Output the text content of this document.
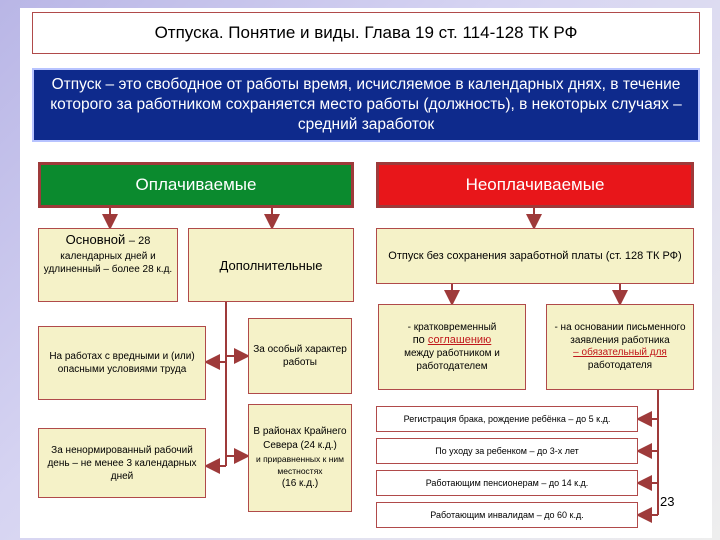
Отпуска. Понятие и виды. Глава 19 ст. 114-128 ТК РФ
Отпуск – это свободное от работы время, исчисляемое в календарных днях, в течение которого за работником сохраняется место работы (должность), в некоторых случаях – средний заработок
Оплачиваемые	Неоплачиваемые
Основной – 28
календарных дней и удлиненный – более 28 к.д.	Дополнительные
Отпуск без сохранения заработной платы (ст. 128 ТК РФ)
На работах с вредными и (или) опасными условиями труда
За особый характер работы
- кратковременный
по соглашению
между работником и работодателем
- на основании письменного заявления работника
– обязательный для
работодателя
За ненормированный рабочий день – не менее 3 календарных дней
В районах Крайнего Севера (24 к.д.)
и приравненных к ним местностях
(16 к.д.)
Регистрация брака, рождение ребёнка – до 5 к.д.
По уходу за ребенком – до 3-х лет
Работающим пенсионерам – до 14 к.д.
Работающим инвалидам – до 60 к.д.
23
